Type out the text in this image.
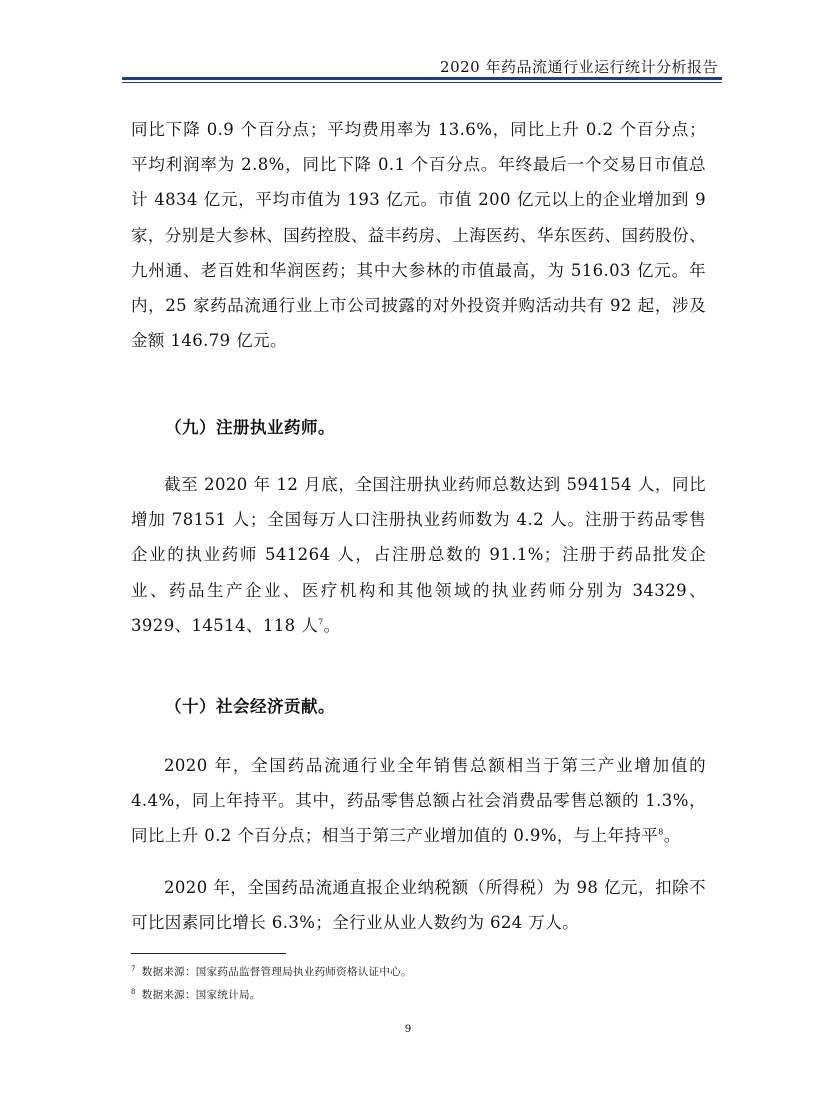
2020 年药品流通行业运行统计分析报告

同比下降 0.9 个百分点；平均费用率为 13.6%，同比上升 0.2 个百分点；平均利润率为 2.8%，同比下降 0.1 个百分点。年终最后一个交易日市值总计 4834 亿元，平均市值为 193 亿元。市值 200 亿元以上的企业增加到 9 家，分别是大参林、国药控股、益丰药房、上海医药、华东医药、国药股份、九州通、老百姓和华润医药；其中大参林的市值最高，为 516.03 亿元。年内，25 家药品流通行业上市公司披露的对外投资并购活动共有 92 起，涉及金额 146.79 亿元。

（九）注册执业药师。

截至 2020 年 12 月底，全国注册执业药师总数达到 594154 人，同比增加 78151 人；全国每万人口注册执业药师数为 4.2 人。注册于药品零售企业的执业药师 541264 人，占注册总数的 91.1%；注册于药品批发企业、药品生产企业、医疗机构和其他领域的执业药师分别为 34329、3929、14514、118 人$^7$。

（十）社会经济贡献。

2020 年，全国药品流通行业全年销售总额相当于第三产业增加值的 4.4%，同上年持平。其中，药品零售总额占社会消费品零售总额的 1.3%，同比上升 0.2 个百分点；相当于第三产业增加值的 0.9%，与上年持平$^8$。

2020 年，全国药品流通直报企业纳税额（所得税）为 98 亿元，扣除不可比因素同比增长 6.3%；全行业从业人数约为 624 万人。

$^7$ 数据来源：国家药品监督管理局执业药师资格认证中心。
$^8$ 数据来源：国家统计局。
9
